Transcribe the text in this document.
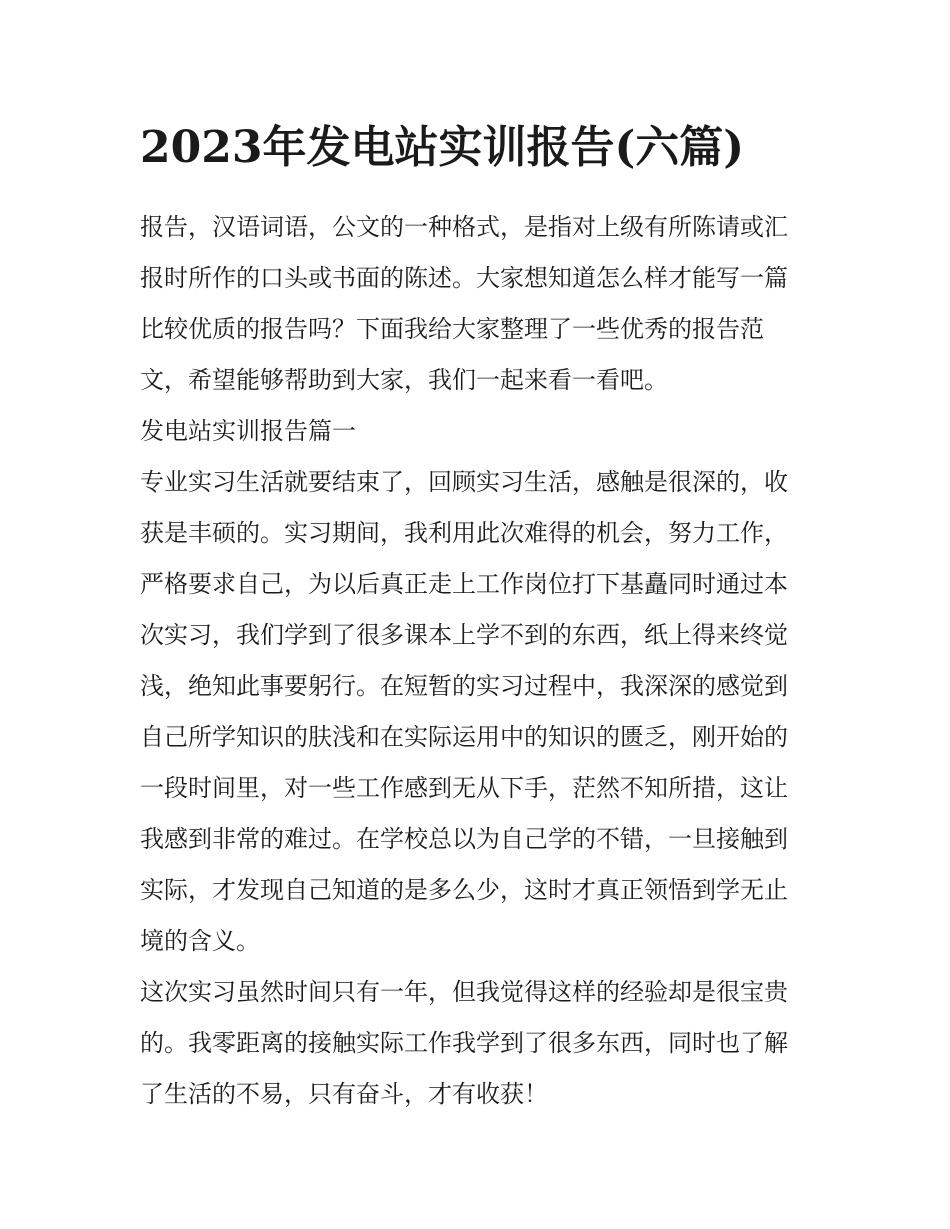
2023年发电站实训报告(六篇)
报告，汉语词语，公文的一种格式，是指对上级有所陈请或汇
报时所作的口头或书面的陈述。大家想知道怎么样才能写一篇
比较优质的报告吗？下面我给大家整理了一些优秀的报告范
文，希望能够帮助到大家，我们一起来看一看吧。
发电站实训报告篇一
专业实习生活就要结束了，回顾实习生活，感触是很深的，收
获是丰硕的。实习期间，我利用此次难得的机会，努力工作，
严格要求自己，为以后真正走上工作岗位打下基矗同时通过本
次实习，我们学到了很多课本上学不到的东西，纸上得来终觉
浅，绝知此事要躬行。在短暂的实习过程中，我深深的感觉到
自己所学知识的肤浅和在实际运用中的知识的匮乏，刚开始的
一段时间里，对一些工作感到无从下手，茫然不知所措，这让
我感到非常的难过。在学校总以为自己学的不错，一旦接触到
实际，才发现自己知道的是多么少，这时才真正领悟到学无止
境的含义。
这次实习虽然时间只有一年，但我觉得这样的经验却是很宝贵
的。我零距离的接触实际工作我学到了很多东西，同时也了解
了生活的不易，只有奋斗，才有收获！
